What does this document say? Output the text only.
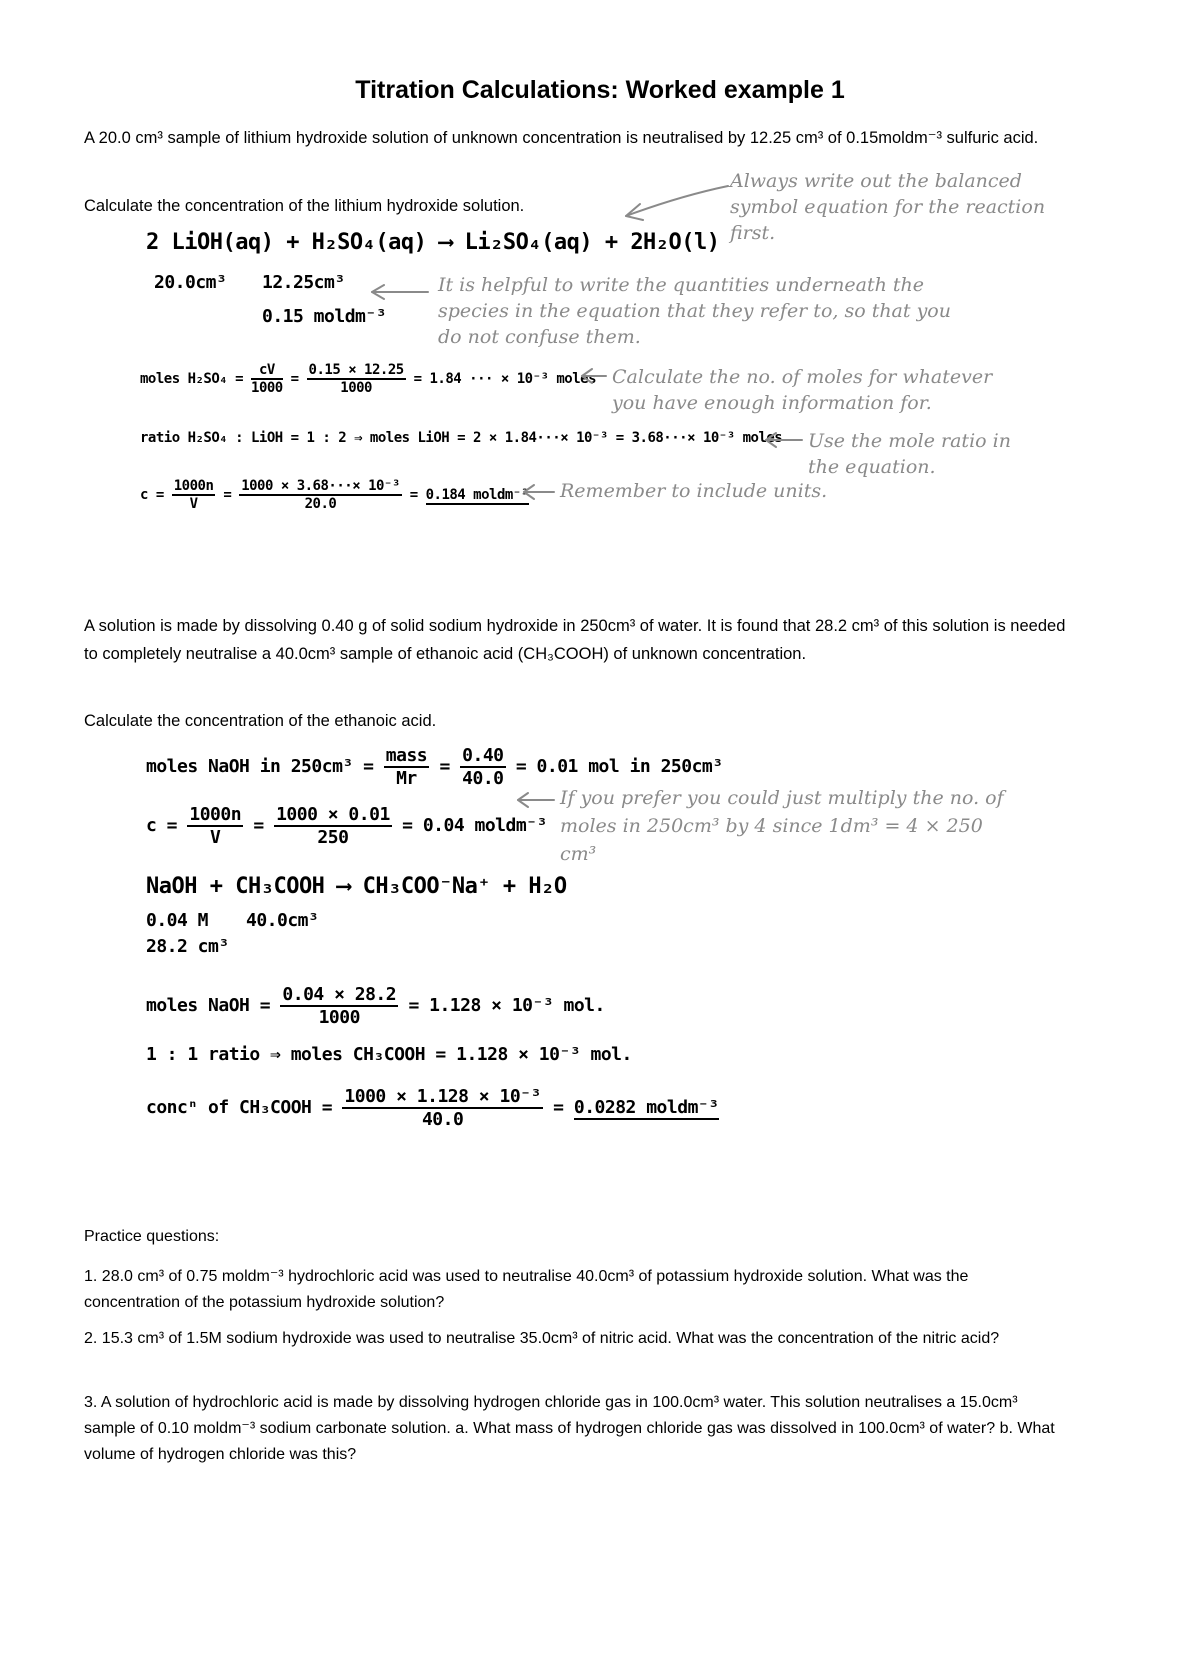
Titration Calculations: Worked example 1
A 20.0 cm³ sample of lithium hydroxide solution of unknown concentration is neutralised by 12.25 cm³ of 0.15moldm⁻³ sulfuric acid.
Calculate the concentration of the lithium hydroxide solution.
2 LiOH(aq) + H₂SO₄(aq) ⟶ Li₂SO₄(aq) + 2H₂O(l)
20.0cm³ 12.25cm³
0.15 moldm⁻³
moles $H_2SO_4 = \frac{cV}{1000} = \frac{0.15 \times 12.25}{1000} = 1.84$ ··· × 10⁻³ moles
ratio H₂SO₄ : LiOH = 1 : 2 ⇒ moles LiOH = 2 × 1.84···× 10⁻³ = 3.68···× 10⁻³ moles
$c = \frac{1000n}{V} = \frac{\text{1000 × 3.68···× 10⁻³}}{20.0} = 0.184$ moldm⁻³
Always write out the balanced symbol equation for the reaction first.
It is helpful to write the quantities underneath the species in the equation that they refer to, so that you do not confuse them.
Calculate the no. of moles for whatever you have enough information for.
Use the mole ratio in the equation.
Remember to include units.
A solution is made by dissolving 0.40 g of solid sodium hydroxide in 250cm³ of water. It is found that 28.2 cm³ of this solution is needed to completely neutralise a 40.0cm³ sample of ethanoic acid (CH₃COOH) of unknown concentration.
Calculate the concentration of the ethanoic acid.
moles NaOH in $250cm^3 = \frac{\text{mass}}{Mr} = \frac{0.40}{40.0} = 0.01$ mol in 250cm³
$c = \frac{1000n}{V} = \frac{1000 \times 0.01}{250} = 0.04$ moldm⁻³
If you prefer you could just multiply the no. of moles in 250cm³ by 4 since 1dm³ = 4 × 250 cm³
NaOH + CH₃COOH ⟶ CH₃COO⁻Na⁺ + H₂O
0.04 M
28.2 cm³
40.0cm³
moles NaOH = $\frac{0.04 \times 28.2}{1000} = 1.128 \times 10^{-3}$ mol.
1 : 1 ratio ⇒ moles CH₃COOH = 1.128 × 10⁻³ mol.
concⁿ of CH₃COOH = $\frac{\text{1000 × 1.128 × 10⁻³}}{40.0} = 0.0282$ moldm⁻³
Practice questions:
1. 28.0 cm³ of 0.75 moldm⁻³ hydrochloric acid was used to neutralise 40.0cm³ of potassium hydroxide solution. What was the concentration of the potassium hydroxide solution?
2. 15.3 cm³ of 1.5M sodium hydroxide was used to neutralise 35.0cm³ of nitric acid. What was the concentration of the nitric acid?
3. A solution of hydrochloric acid is made by dissolving hydrogen chloride gas in 100.0cm³ water. This solution neutralises a 15.0cm³ sample of 0.10 moldm⁻³ sodium carbonate solution. a. What mass of hydrogen chloride gas was dissolved in 100.0cm³ of water? b. What volume of hydrogen chloride was this?
